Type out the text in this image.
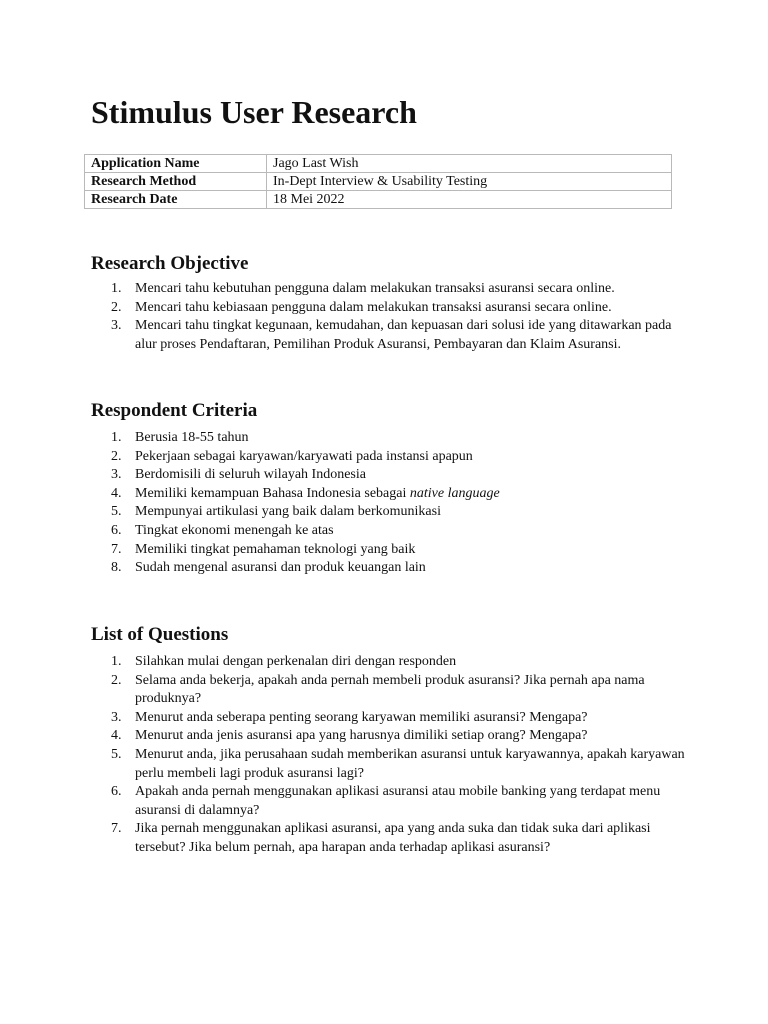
Stimulus User Research
Application Name	Jago Last Wish
Research Method	In-Dept Interview & Usability Testing
Research Date	18 Mei 2022
Research Objective
1. Mencari tahu kebutuhan pengguna dalam melakukan transaksi asuransi secara online.
2. Mencari tahu kebiasaan pengguna dalam melakukan transaksi asuransi secara online.
3. Mencari tahu tingkat kegunaan, kemudahan, dan kepuasan dari solusi ide yang ditawarkan pada alur proses Pendaftaran, Pemilihan Produk Asuransi, Pembayaran dan Klaim Asuransi.
Respondent Criteria
1. Berusia 18-55 tahun
2. Pekerjaan sebagai karyawan/karyawati pada instansi apapun
3. Berdomisili di seluruh wilayah Indonesia
4. Memiliki kemampuan Bahasa Indonesia sebagai native language
5. Mempunyai artikulasi yang baik dalam berkomunikasi
6. Tingkat ekonomi menengah ke atas
7. Memiliki tingkat pemahaman teknologi yang baik
8. Sudah mengenal asuransi dan produk keuangan lain
List of Questions
1. Silahkan mulai dengan perkenalan diri dengan responden
2. Selama anda bekerja, apakah anda pernah membeli produk asuransi? Jika pernah apa nama produknya?
3. Menurut anda seberapa penting seorang karyawan memiliki asuransi? Mengapa?
4. Menurut anda jenis asuransi apa yang harusnya dimiliki setiap orang? Mengapa?
5. Menurut anda, jika perusahaan sudah memberikan asuransi untuk karyawannya, apakah karyawan perlu membeli lagi produk asuransi lagi?
6. Apakah anda pernah menggunakan aplikasi asuransi atau mobile banking yang terdapat menu asuransi di dalamnya?
7. Jika pernah menggunakan aplikasi asuransi, apa yang anda suka dan tidak suka dari aplikasi tersebut? Jika belum pernah, apa harapan anda terhadap aplikasi asuransi?
